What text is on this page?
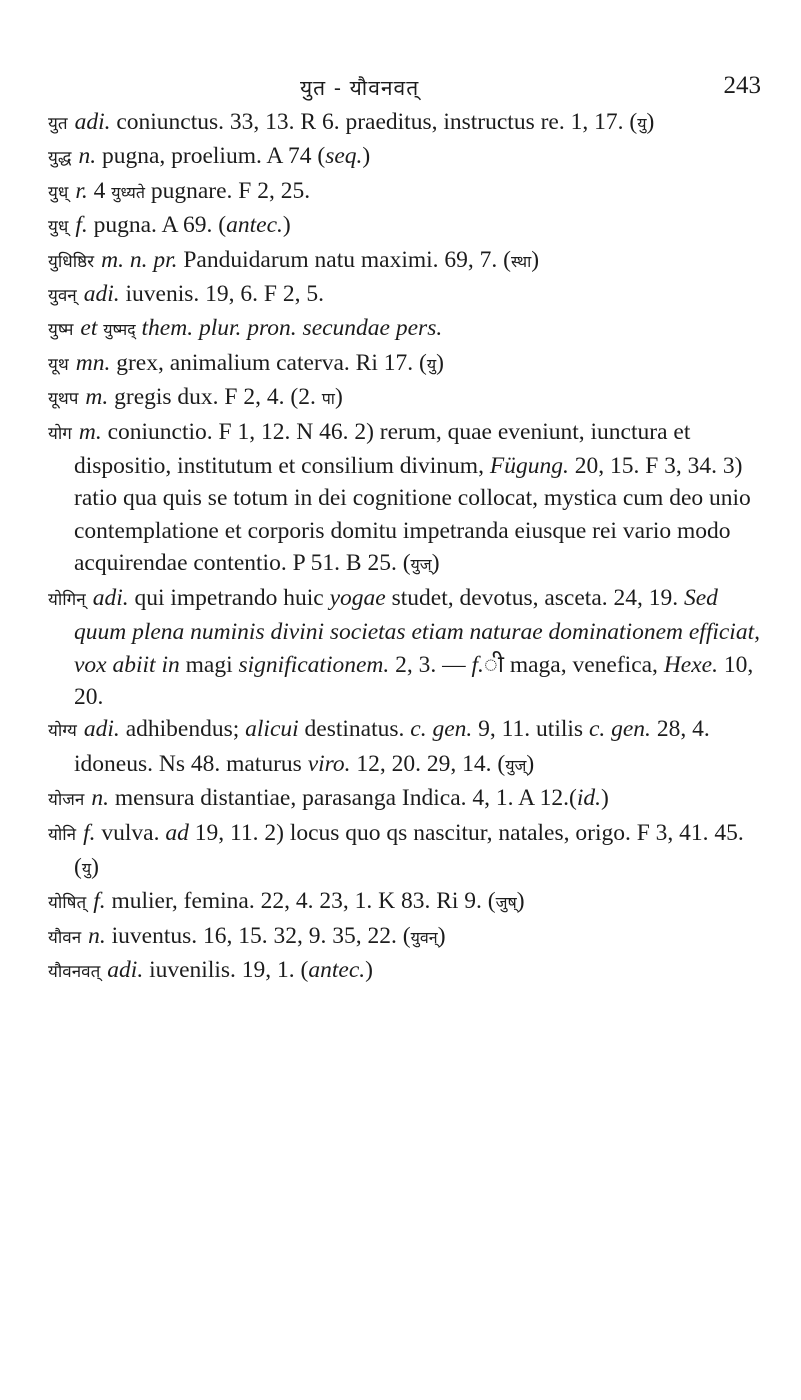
युत - यौवनवत्	243

युत adi. coniunctus. 33, 13. R 6. praeditus, instructus re. 1, 17. (यु)

युद्ध n. pugna, proelium. A 74 (seq.)

युध् r. 4 युध्यते pugnare. F 2, 25.

युध् f. pugna. A 69. (antec.)

युधिष्ठिर m. n. pr. Panduidarum natu maximi. 69, 7. (स्था)

युवन् adi. iuvenis. 19, 6. F 2, 5.

युष्म et युष्मद् them. plur. pron. secundae pers.

यूथ mn. grex, animalium caterva. Ri 17. (यु)

यूथप m. gregis dux. F 2, 4. (2. पा)

योग m. coniunctio. F 1, 12. N 46. 2) rerum, quae eveniunt, iunctura et dispositio, institutum et consilium divinum, Fügung. 20, 15. F 3, 34. 3) ratio qua quis se totum in dei cognitione collocat, mystica cum deo unio contemplatione et corporis domitu impetranda eiusque rei vario modo acquirendae contentio. P 51. B 25. (युज्)

योगिन् adi. qui impetrando huic yogae studet, devotus, asceta. 24, 19. Sed quum plena numinis divini societas etiam naturae dominationem efficiat, vox abiit in magi significationem. 2, 3. — f.ी maga, venefica, Hexe. 10, 20.

योग्य adi. adhibendus; alicui destinatus. c. gen. 9, 11. utilis c. gen. 28, 4. idoneus. Ns 48. maturus viro. 12, 20. 29, 14. (युज्)

योजन n. mensura distantiae, parasanga Indica. 4, 1. A 12.(id.)

योनि f. vulva. ad 19, 11. 2) locus quo qs nascitur, natales, origo. F 3, 41. 45. (यु)

योषित् f. mulier, femina. 22, 4. 23, 1. K 83. Ri 9. (जुष्)

यौवन n. iuventus. 16, 15. 32, 9. 35, 22. (युवन्)

यौवनवत् adi. iuvenilis. 19, 1. (antec.)
